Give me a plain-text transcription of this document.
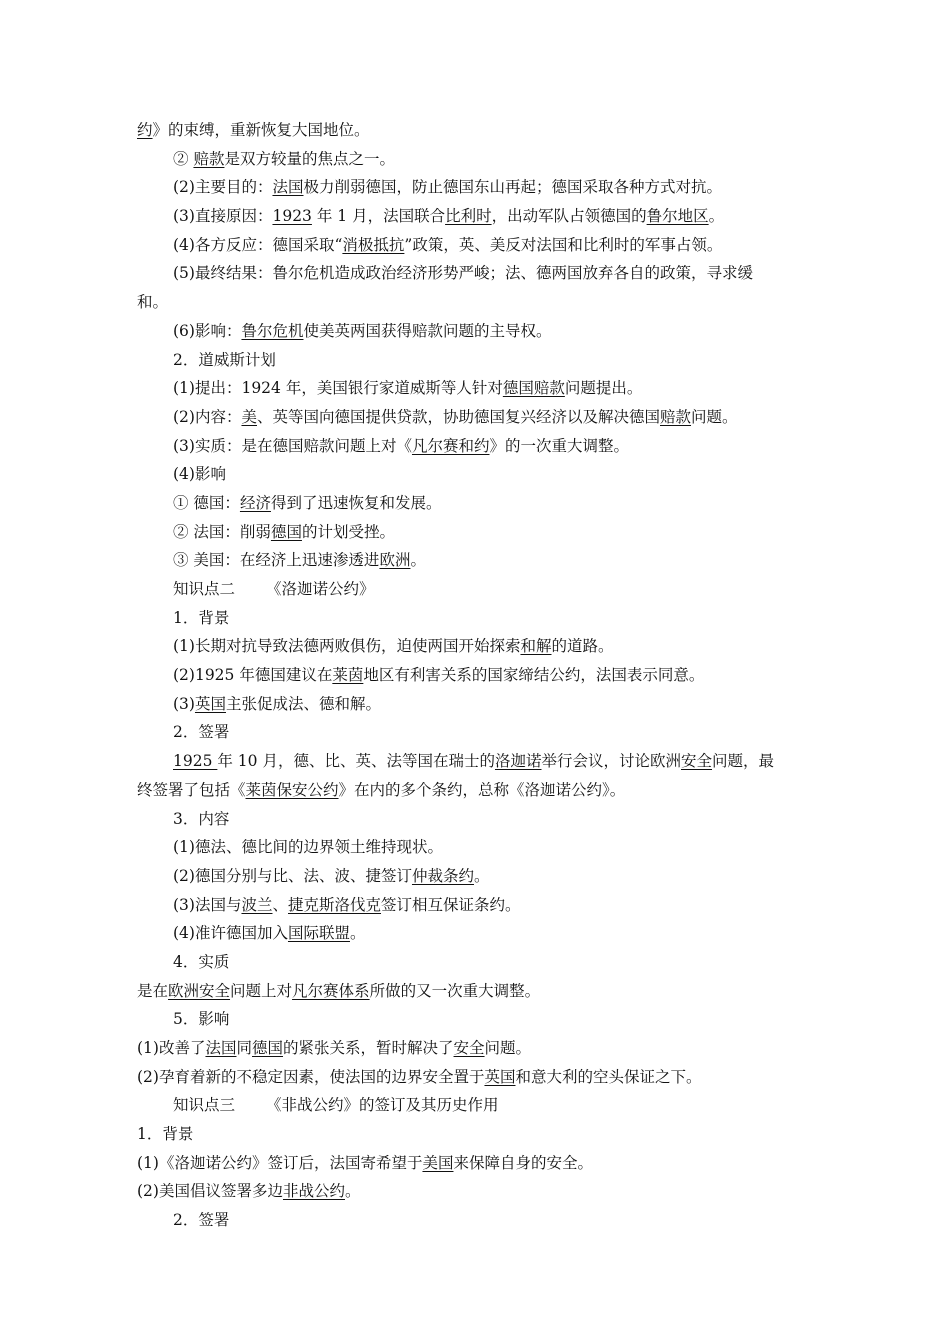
约》的束缚，重新恢复大国地位。
② 赔款是双方较量的焦点之一。
(2)主要目的：法国极力削弱德国，防止德国东山再起；德国采取各种方式对抗。
(3)直接原因：1923 年 1 月，法国联合比利时，出动军队占领德国的鲁尔地区。
(4)各方反应：德国采取“消极抵抗”政策，英、美反对法国和比利时的军事占领。
(5)最终结果：鲁尔危机造成政治经济形势严峻；法、德两国放弃各自的政策，寻求缓
和。
(6)影响：鲁尔危机使美英两国获得赔款问题的主导权。
2．道威斯计划
(1)提出：1924 年，美国银行家道威斯等人针对德国赔款问题提出。
(2)内容：美、英等国向德国提供贷款，协助德国复兴经济以及解决德国赔款问题。
(3)实质：是在德国赔款问题上对《凡尔赛和约》的一次重大调整。
(4)影响
① 德国：经济得到了迅速恢复和发展。
② 法国：削弱德国的计划受挫。
③ 美国：在经济上迅速渗透进欧洲。
知识点二 《洛迦诺公约》
1．背景
(1)长期对抗导致法德两败俱伤，迫使两国开始探索和解的道路。
(2)1925 年德国建议在莱茵地区有利害关系的国家缔结公约，法国表示同意。
(3)英国主张促成法、德和解。
2．签署
1925 年 10 月，德、比、英、法等国在瑞士的洛迦诺举行会议，讨论欧洲安全问题，最
终签署了包括《莱茵保安公约》在内的多个条约，总称《洛迦诺公约》。
3．内容
(1)德法、德比间的边界领土维持现状。
(2)德国分别与比、法、波、捷签订仲裁条约。
(3)法国与波兰、捷克斯洛伐克签订相互保证条约。
(4)准许德国加入国际联盟。
4．实质
是在欧洲安全问题上对凡尔赛体系所做的又一次重大调整。
5．影响
(1)改善了法国同德国的紧张关系，暂时解决了安全问题。
(2)孕育着新的不稳定因素，使法国的边界安全置于英国和意大利的空头保证之下。
知识点三 《非战公约》的签订及其历史作用
1．背景
(1)《洛迦诺公约》签订后，法国寄希望于美国来保障自身的安全。
(2)美国倡议签署多边非战公约。
2．签署
